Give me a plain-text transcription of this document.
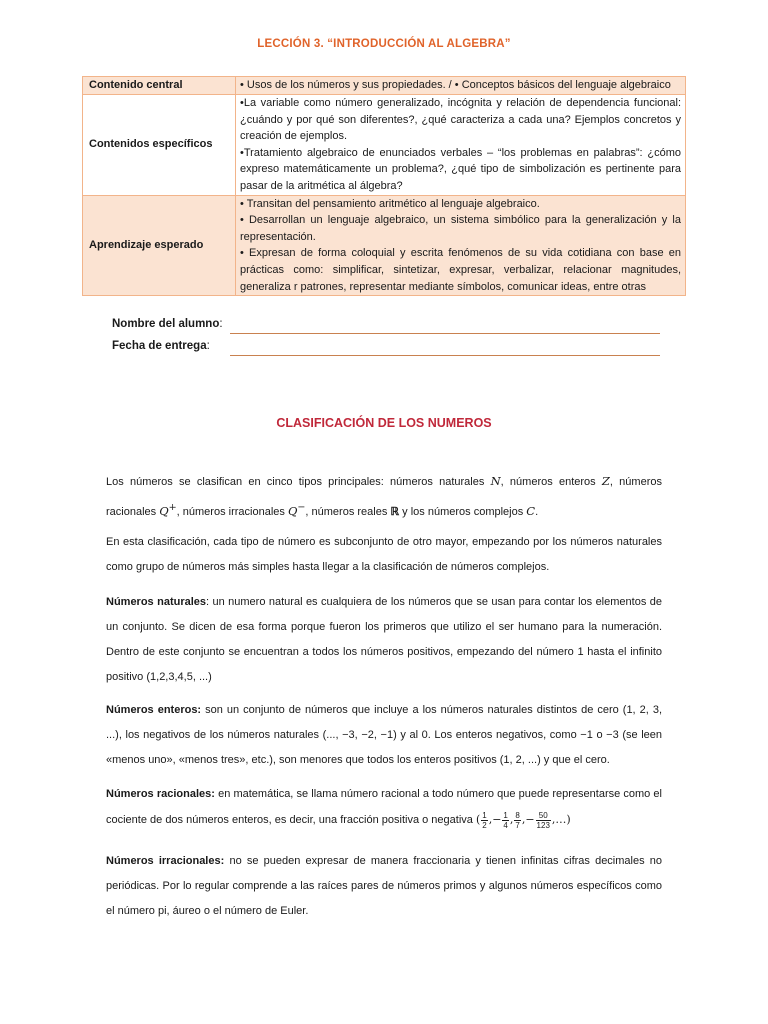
LECCIÓN 3. “INTRODUCCIÓN AL ALGEBRA”
Contenido central	• Usos de los números y sus propiedades. / • Conceptos básicos del lenguaje algebraico

Contenidos específicos	•La variable como número generalizado, incógnita y relación de dependencia funcional: ¿cuándo y por qué son diferentes?, ¿qué caracteriza a cada una? Ejemplos concretos y creación de ejemplos.
•Tratamiento algebraico de enunciados verbales – “los problemas en palabras”: ¿cómo expreso matemáticamente un problema?, ¿qué tipo de simbolización es pertinente para pasar de la aritmética al álgebra?

Aprendizaje esperado	• Transitan del pensamiento aritmético al lenguaje algebraico.
• Desarrollan un lenguaje algebraico, un sistema simbólico para la generalización y la representación.
• Expresan de forma coloquial y escrita fenómenos de su vida cotidiana con base en prácticas como: simplificar, sintetizar, expresar, verbalizar, relacionar magnitudes, generaliza r patrones, representar mediante símbolos, comunicar ideas, entre otras
Nombre del alumno:
Fecha de entrega:
CLASIFICACIÓN DE LOS NUMEROS

Los números se clasifican en cinco tipos principales: números naturales N, números enteros Z, números racionales Q+, números irracionales Q−, números reales ℝ y los números complejos C.

En esta clasificación, cada tipo de número es subconjunto de otro mayor, empezando por los números naturales como grupo de números más simples hasta llegar a la clasificación de números complejos.

Números naturales: un numero natural es cualquiera de los números que se usan para contar los elementos de un conjunto. Se dicen de esa forma porque fueron los primeros que utilizo el ser humano para la numeración. Dentro de este conjunto se encuentran a todos los números positivos, empezando del número 1 hasta el infinito positivo (1,2,3,4,5, ...)

Números enteros: son un conjunto de números que incluye a los números naturales distintos de cero (1, 2, 3, ...), los negativos de los números naturales (..., −3, −2, −1) y al 0. Los enteros negativos, como −1 o −3 (se leen «menos uno», «menos tres», etc.), son menores que todos los enteros positivos (1, 2, ...) y que el cero.

Números racionales: en matemática, se llama número racional a todo número que puede representarse como el cociente de dos números enteros, es decir, una fracción positiva o negativa ( $\frac{1}{2}$ ,− $\frac{1}{4}$ , $\frac{8}{7}$ ,− $\frac{50}{123}$ ,…)

Números irracionales: no se pueden expresar de manera fraccionaria y tienen infinitas cifras decimales no periódicas. Por lo regular comprende a las raíces pares de números primos y algunos números específicos como el número pi, áureo o el número de Euler.
